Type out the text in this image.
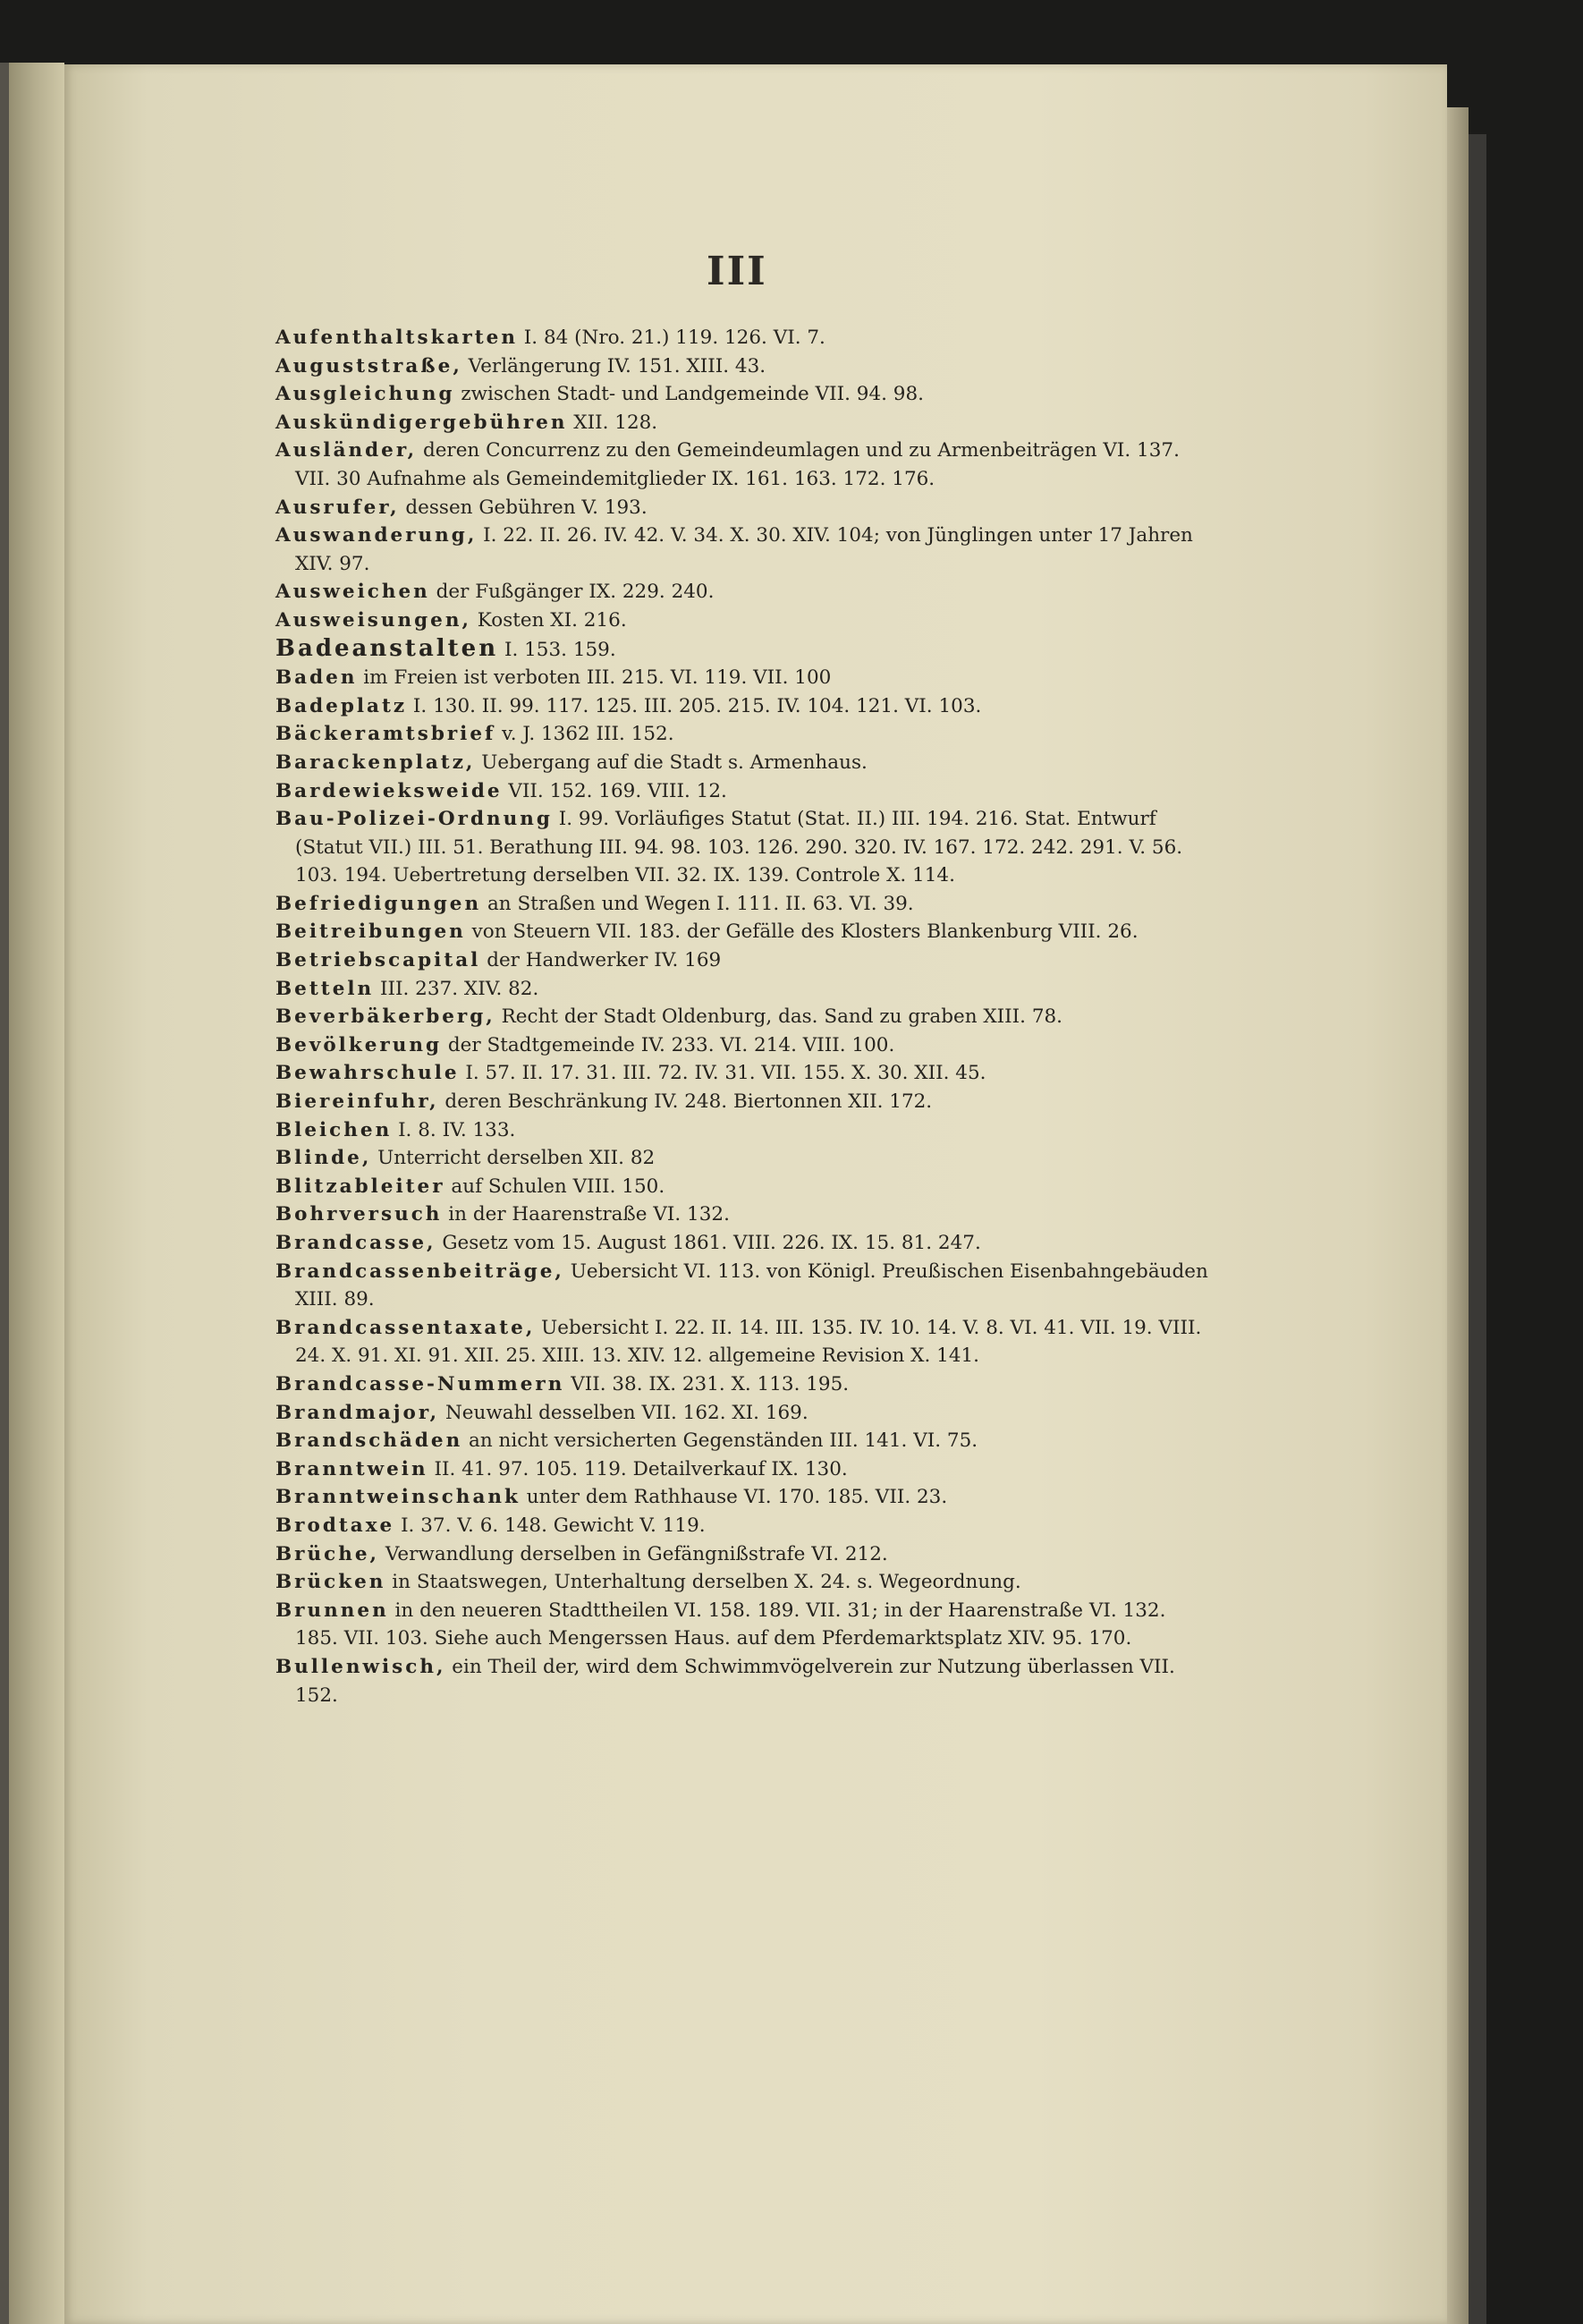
III
Aufenthaltskarten I. 84 (Nro. 21.) 119. 126. VI. 7.
Auguststraße, Verlängerung IV. 151. XIII. 43.
Ausgleichung zwischen Stadt- und Landgemeinde VII. 94. 98.
Auskündigergebühren XII. 128.
Ausländer, deren Concurrenz zu den Gemeindeumlagen und zu Armenbeiträgen VI. 137. VII. 30 Aufnahme als Gemeindemitglieder IX. 161. 163. 172. 176.
Ausrufer, dessen Gebühren V. 193.
Auswanderung, I. 22. II. 26. IV. 42. V. 34. X. 30. XIV. 104; von Jünglingen unter 17 Jahren XIV. 97.
Ausweichen der Fußgänger IX. 229. 240.
Ausweisungen, Kosten XI. 216.
Badeanstalten I. 153. 159.
Baden im Freien ist verboten III. 215. VI. 119. VII. 100
Badeplatz I. 130. II. 99. 117. 125. III. 205. 215. IV. 104. 121. VI. 103.
Bäckeramtsbrief v. J. 1362 III. 152.
Barackenplatz, Uebergang auf die Stadt s. Armenhaus.
Bardewieksweide VII. 152. 169. VIII. 12.
Bau-Polizei-Ordnung I. 99. Vorläufiges Statut (Stat. II.) III. 194. 216. Stat. Entwurf (Statut VII.) III. 51. Berathung III. 94. 98. 103. 126. 290. 320. IV. 167. 172. 242. 291. V. 56. 103. 194. Uebertretung derselben VII. 32. IX. 139. Controle X. 114.
Befriedigungen an Straßen und Wegen I. 111. II. 63. VI. 39.
Beitreibungen von Steuern VII. 183. der Gefälle des Klosters Blankenburg VIII. 26.
Betriebscapital der Handwerker IV. 169
Betteln III. 237. XIV. 82.
Beverbäkerberg, Recht der Stadt Oldenburg, das. Sand zu graben XIII. 78.
Bevölkerung der Stadtgemeinde IV. 233. VI. 214. VIII. 100.
Bewahrschule I. 57. II. 17. 31. III. 72. IV. 31. VII. 155. X. 30. XII. 45.
Biereinfuhr, deren Beschränkung IV. 248. Biertonnen XII. 172.
Bleichen I. 8. IV. 133.
Blinde, Unterricht derselben XII. 82
Blitzableiter auf Schulen VIII. 150.
Bohrversuch in der Haarenstraße VI. 132.
Brandcasse, Gesetz vom 15. August 1861. VIII. 226. IX. 15. 81. 247.
Brandcassenbeiträge, Uebersicht VI. 113. von Königl. Preußischen Eisenbahngebäuden XIII. 89.
Brandcassentaxate, Uebersicht I. 22. II. 14. III. 135. IV. 10. 14. V. 8. VI. 41. VII. 19. VIII. 24. X. 91. XI. 91. XII. 25. XIII. 13. XIV. 12. allgemeine Revision X. 141.
Brandcasse-Nummern VII. 38. IX. 231. X. 113. 195.
Brandmajor, Neuwahl desselben VII. 162. XI. 169.
Brandschäden an nicht versicherten Gegenständen III. 141. VI. 75.
Branntwein II. 41. 97. 105. 119. Detailverkauf IX. 130.
Branntweinschank unter dem Rathhause VI. 170. 185. VII. 23.
Brodtaxe I. 37. V. 6. 148. Gewicht V. 119.
Brüche, Verwandlung derselben in Gefängnißstrafe VI. 212.
Brücken in Staatswegen, Unterhaltung derselben X. 24. s. Wegeordnung.
Brunnen in den neueren Stadttheilen VI. 158. 189. VII. 31; in der Haarenstraße VI. 132. 185. VII. 103. Siehe auch Mengerssen Haus. auf dem Pferdemarktsplatz XIV. 95. 170.
Bullenwisch, ein Theil der, wird dem Schwimmvögelverein zur Nutzung überlassen VII. 152.
